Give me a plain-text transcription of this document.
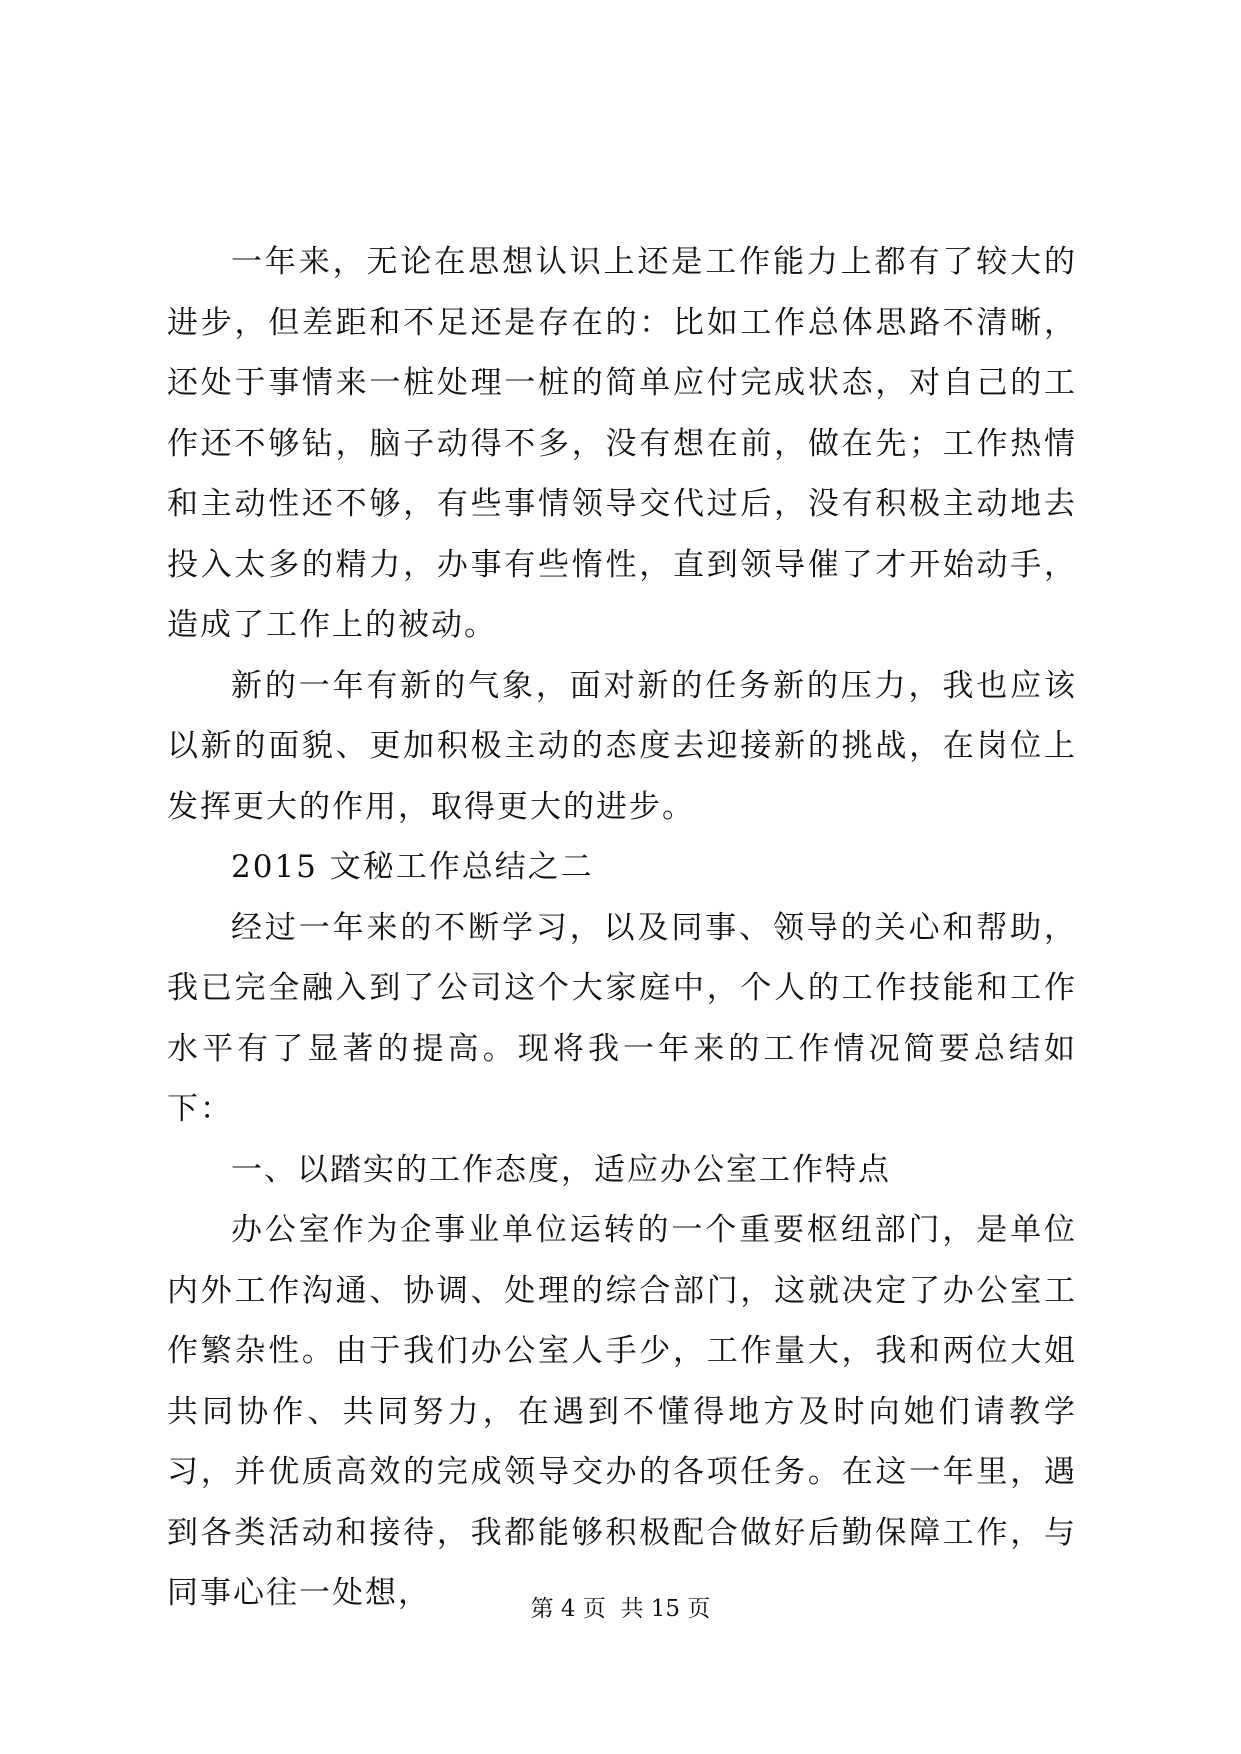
一年来，无论在思想认识上还是工作能力上都有了较大的进步，但差距和不足还是存在的：比如工作总体思路不清晰，还处于事情来一桩处理一桩的简单应付完成状态，对自己的工作还不够钻，脑子动得不多，没有想在前，做在先；工作热情和主动性还不够，有些事情领导交代过后，没有积极主动地去投入太多的精力，办事有些惰性，直到领导催了才开始动手，造成了工作上的被动。

新的一年有新的气象，面对新的任务新的压力，我也应该以新的面貌、更加积极主动的态度去迎接新的挑战，在岗位上发挥更大的作用，取得更大的进步。

2015 文秘工作总结之二

经过一年来的不断学习，以及同事、领导的关心和帮助，我已完全融入到了公司这个大家庭中，个人的工作技能和工作水平有了显著的提高。现将我一年来的工作情况简要总结如下：

一、以踏实的工作态度，适应办公室工作特点

办公室作为企事业单位运转的一个重要枢纽部门，是单位内外工作沟通、协调、处理的综合部门，这就决定了办公室工作繁杂性。由于我们办公室人手少，工作量大，我和两位大姐共同协作、共同努力，在遇到不懂得地方及时向她们请教学习，并优质高效的完成领导交办的各项任务。在这一年里，遇到各类活动和接待，我都能够积极配合做好后勤保障工作，与同事心往一处想，	第 4 页  共 15 页
